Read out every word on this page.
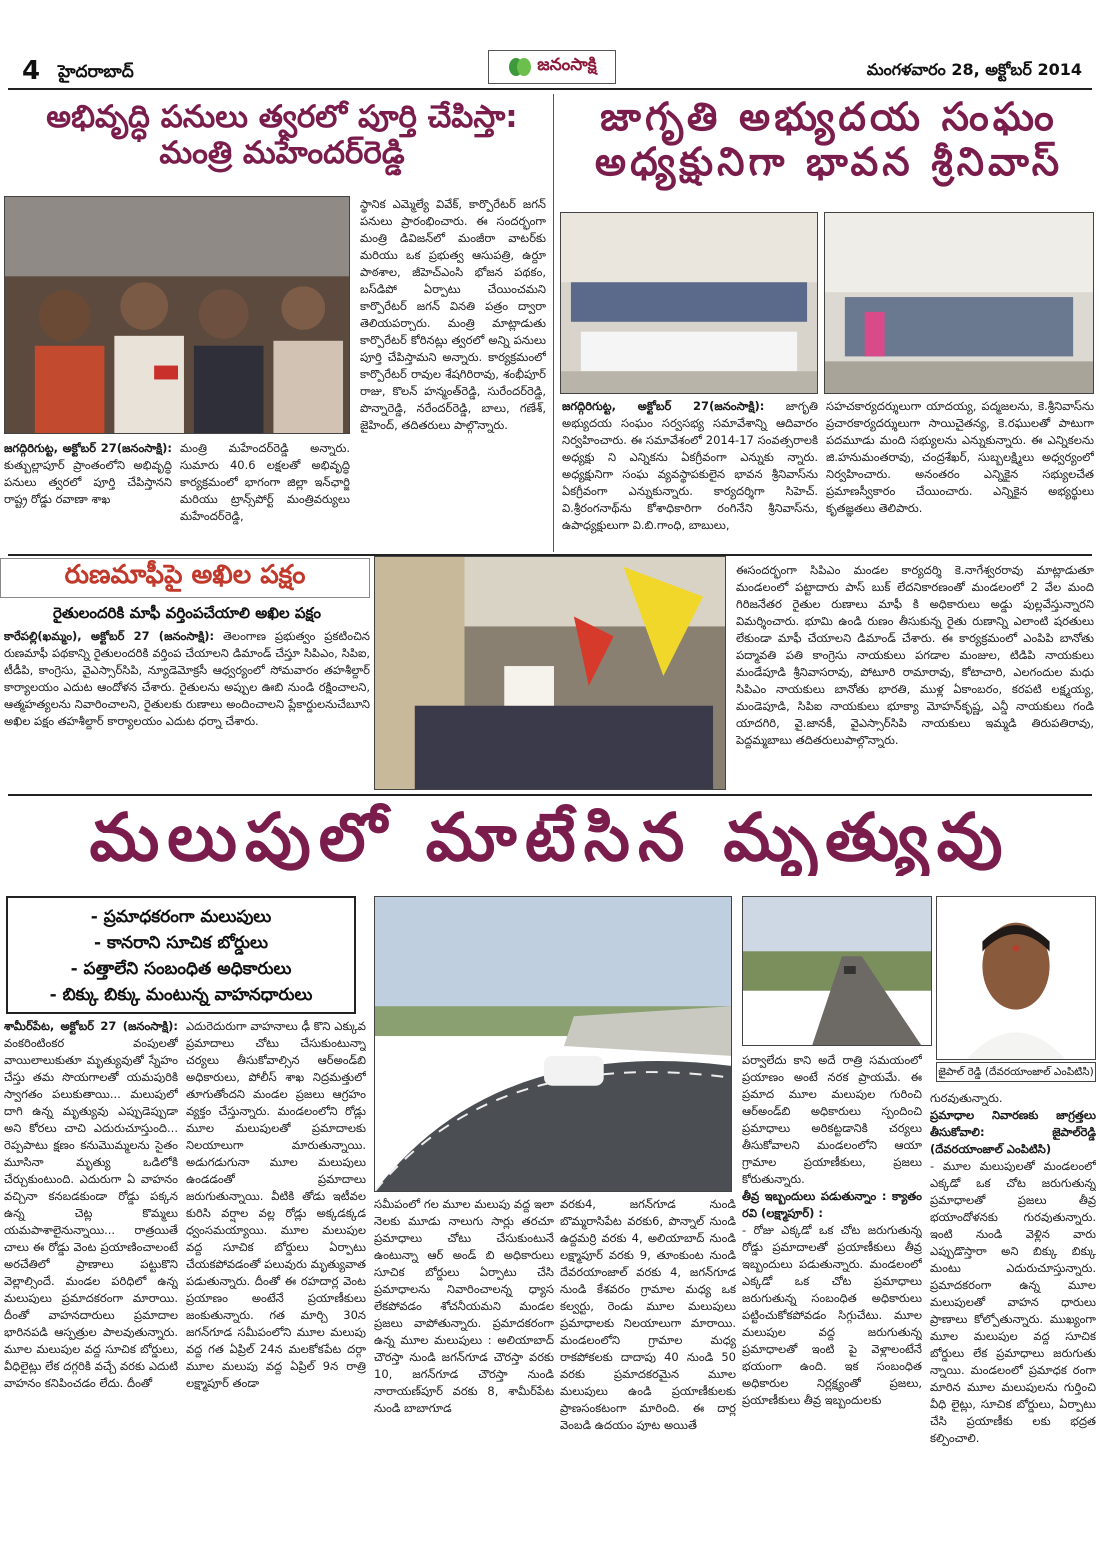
4 హైదరాబాద్	జనంసాక్షి	మంగళవారం 28, అక్టోబర్ 2014
అభివృద్ధి పనులు త్వరలో పూర్తి చేపిస్తా: మంత్రి మహేందర్‌రెడ్డి
జగద్గిరిగుట్ట, అక్టోబర్ 27(జనంసాక్షి): కుత్బుల్లాపూర్ ప్రాంతంలోని అభివృద్ధి పనులు త్వరలో పూర్తి చేపిస్తానని రాష్ట్ర రోడ్డు రవాణా శాఖ
మంత్రి మహేందర్‌రెడ్డి అన్నారు. సుమారు 40.6 లక్షలతో అభివృద్ధి కార్యక్రమంలో భాగంగా జిల్లా ఇన్‌ఛార్జి మరియు ట్రాన్స్‌పోర్ట్ మంత్రివర్యులు మహేందర్‌రెడ్డి,
స్థానిక ఎమ్మెల్యే వివేక్, కార్పొరేటర్ జగన్ పనులు ప్రారంభించారు. ఈ సందర్భంగా మంత్రి డివిజన్‌లో మంజీరా వాటర్‌కు మరియు ఒక ప్రభుత్వ ఆసుపత్రి, ఉర్దూ పాఠశాల, జీహెచ్‌ఎంసి భోజన పథకం, బస్‌డిపో ఏర్పాటు చేయించమని కార్పొరేటర్ జగన్ వినతి పత్రం ద్వారా తెలియపర్చారు. మంత్రి మాట్లాడుతు కార్పొరేటర్ కోరినట్లు త్వరలో అన్ని పనులు పూర్తి చేపిస్తామని అన్నారు. కార్యక్రమంలో కార్పొరేటర్ రావుల శేషగిరిరావు, శంభీపూర్ రాజు, కొలన్ హన్మంత్‌రెడ్డి, సురేందర్‌రెడ్డి, పొన్నారెడ్డి, నరేందర్‌రెడ్డి, బాలు, గణేశ్, జైహింద్, తదితరులు పాల్గొన్నారు.
జాగృతి అభ్యుదయ సంఘం అధ్యక్షునిగా భావన శ్రీనివాస్
జగద్గిరిగుట్ట, అక్టోబర్ 27(జనంసాక్షి): జాగృతి అభ్యుదయ సంఘం సర్వసభ్య సమావేశాన్ని ఆదివారం నిర్వహించారు. ఈ సమావేశంలో 2014-17 సంవత్సరాలకి అధ్యక్షు ని ఎన్నికను ఏకగ్రీవంగా ఎన్నుకు న్నారు. అధ్యక్షునిగా సంఘ వ్యవస్థాపకులైన భావన శ్రీనివాస్‌ను ఏకగ్రీవంగా ఎన్నుకున్నారు. కార్యదర్శిగా సిహెచ్. వి.శ్రీరంగనాథ్‌ను కోశాధికారిగా రంగినేని శ్రీనివాస్‌ను, ఉపాధ్యక్షులుగా వి.బి.గాంధి, బాబులు,
సహచకార్యదర్శులుగా యాదయ్య, పద్మజలను, కె.శ్రీనివాస్‌ను ప్రచారకార్యదర్శులుగా సాయిచైతన్య, కె.రఘులతో పాటుగా పదమూడు మంది సభ్యులను ఎన్నుకున్నారు. ఈ ఎన్నికలను జి.హనుమంతరావు, చంద్రశేఖర్, సుబ్బలక్ష్మిలు అధ్వర్యంలో నిర్వహించారు. అనంతరం ఎన్నికైన సభ్యులచేత ప్రమాణస్వీకారం చేయించారు. ఎన్నికైన అభ్యర్థులు కృతజ్ఞతలు తెలిపారు.
రుణమాఫీపై అఖిల పక్షం
రైతులందరికి మాఫీ వర్తింపచేయాలి అఖిల పక్షం
కారేపల్లి(ఖమ్మం), అక్టోబర్ 27 (జనంసాక్షి): తెలంగాణ ప్రభుత్వం ప్రకటించిన రుణమాఫీ పథకాన్ని రైతులందరికి వర్తింప చేయాలని డిమాండ్ చేస్తూ సిపిఎం, సిపిఐ, టీడీపి, కాంగ్రెసు, వైఎస్సార్‌సిపి, న్యూడెమోక్రసీ ఆధ్వర్యంలో సోమవారం తహశీల్దార్ కార్యాలయం ఎదుట ఆందోళన చేశారు. రైతులను అప్పుల ఊబి నుండి రక్షించాలని, ఆత్మహత్యలను నివారించాలని, రైతులకు రుణాలు అందించాలని ప్లేకార్డులనుచేబూని అఖిల పక్షం తహశీల్దార్ కార్యాలయం ఎదుట ధర్నా చేశారు.
ఈసందర్భంగా సిపిఎం మండల కార్యదర్శి కె.నాగేశ్వరరావు మాట్లాడుతూ మండలంలో పట్టాదారు పాస్ బుక్ లేదనికారణంతో మండలంలో 2 వేల మంది గిరిజనేతర రైతుల రుణాలు మాఫీ కి అధికారులు అడ్డు పుల్లవేస్తున్నారని విమర్శించారు. భూమి ఉండి రుణం తీసుకున్న రైతు రుణాన్ని ఎలాంటి షరతులు లేకుండా మాఫీ చేయాలని డిమాండ్ చేశారు. ఈ కార్యక్రమంలో ఎంపిపి బానోతు పద్మావతి పతి కాంగ్రెసు నాయకులు పగడాల మంజుల, టిడిపి నాయకులు మండేపూడి శ్రీనివాసరావు, పోటూరి రామారావు, కోటాచారి, ఎలగందుల మధు సిపిఎం నాయకులు బానోతు భారతి, ముళ్ల ఏకాంబరం, కరపటి లక్ష్మయ్య, మండెపూడి, సిపిఐ నాయకులు భూక్యా మోహన్‌కృష్ణ, ఎన్డీ నాయకులు గండి యాదగిరి, వై.జానకీ, వైఎస్సార్‌సిపి నాయకులు ఇమ్మడి తిరుపతిరావు, పెద్దమ్మబాబు తదితరులుపాల్గొన్నారు.
మలుపులో మాటేసిన మృత్యువు
- ప్రమాధకరంగా మలుపులు
- కానరాని సూచిక బోర్డులు
- పత్తాలేని సంబంధిత అధికారులు
- బిక్కు బిక్కు మంటున్న వాహనధారులు
జైపాల్ రెడ్డి (దేవరయాంజాల్ ఎంపిటిసి)
శామీర్‌పేట, అక్టోబర్ 27 (జనంసాక్షి): వంకరింటింకర వంపులతో వాయిలాలుకుతూ మృత్యువుతో స్నేహం చేస్తు తమ సొయగాలతో యమపురికి స్వాగతం పలుకుతాయి... మలుపులో దాగి ఉన్న మృత్యువు ఎప్పుడెప్పుడా అని కోరలు చాచి ఎదురుచూస్తుంది... రెప్పపాటు క్షణం కనుమొమ్మలను సైతం మూసినా మృత్యు ఒడిలోకి చేర్చుకుంటుంది. ఎదురుగా ఏ వాహనం వచ్చినా కనబడకుండా రోడ్డు పక్కన ఉన్న చెట్ల కొమ్మలు యమపాశాలైనున్నాయి... రాత్రయితే చాలు ఈ రోడ్డు వెంట ప్రయాణించాలంటే అరచేతిలో ప్రాణాలు పట్టుకొని వెల్లాల్సిందే. మండల పరిధిలో ఉన్న మలుపులు ప్రమాదకరంగా మారాయి. దీంతో వాహనదారులు ప్రమాదాల భారినపడి ఆస్పత్రుల పాలవుతున్నారు. మూల మలుపుల వద్ద సూచిక బోర్డులు, వీధిలైట్లు లేక దగ్గరికి వచ్చే వరకు ఎదుటి వాహనం కనిపించడం లేదు. దీంతో
ఎదురెదురుగా వాహనాలు ఢీ కొని ఎక్కువ ప్రమాదాలు చోటు చేసుకుంటున్నా చర్యలు తీసుకోవాల్సిన ఆర్‌అండ్‌బి అధికారులు, పోలీస్ శాఖ నిద్రమత్తులో తూగుతోందని మండల ప్రజలు ఆగ్రహం వ్యక్తం చేస్తున్నారు. మండలంలోని రోడ్లు మూల మలుపులతో ప్రమాదాలకు నిలయాలుగా మారుతున్నాయి. అడుగడుగునా మూల మలుపులు ఉండడంతో ప్రమాదాలు జరుగుతున్నాయి. వీటికి తోడు ఇటీవల కురిసి వర్షాల వల్ల రోడ్లు అక్కడక్కడ ధ్వంసమయ్యాయి. మూల మలుపుల వద్ద సూచిక బోర్డులు ఏర్పాటు చేయకపోవడంతో పలువురు మృత్యువాత పడుతున్నారు. దీంతో ఈ రహదార్ల వెంట ప్రయాణం అంటేనే ప్రయాణీకులు జంకుతున్నారు. గత మార్చి 30న జగన్‌గూడ సమీపంలోని మూల మలుపు వద్ద గత ఏప్రిల్ 24న మలకోకపేట దర్గా మూల మలుపు వద్ద ఏప్రిల్ 9న రాత్రి లక్ష్మాపూర్ తండా
సమీపంలో గల మూల మలుపు వద్ద ఇలా నెలకు మూడు నాలుగు సార్లు తరచూ ప్రమాధాలు చోటు చేసుకుంటునే ఉంటున్నా ఆర్ అండ్ బి అధికారులు సూచిక బోర్డులు ఏర్పాటు చేసి ప్రమాధాలను నివారించాలన్న ధ్యాస లేకపోవడం శోచనీయమని మండల ప్రజలు వాపోతున్నారు. ప్రమాదకరంగా ఉన్న మూల మలుపులు : అలియాబాద్ చౌరస్తా నుండి జగన్‌గూడ చౌరస్తా వరకు 10, జగన్‌గూడ చౌరస్తా నుండి నారాయణ్‌పూర్ వరకు 8, శామీర్‌పేట నుండి బాబాగూడ
వరకు4, జగన్‌గూడ నుండి బొమ్మరాసిపేట వరకు6, పొన్నాల్ నుండి ఉద్దమర్రి వరకు 4, అలియాబాద్ నుండి లక్ష్మాపూర్ వరకు 9, తూంకుంట నుండి దేవరయాంజాల్ వరకు 4, జగన్‌గూడ నుండి కేశవరం గ్రామాల మధ్య ఒక కల్వర్టు, రెండు మూల మలుపులు ప్రమాధాలకు నిలయాలుగా మారాయి. మండలంలోని గ్రామాల మధ్య రాకపోకలకు దాదాపు 40 నుండి 50 వరకు ప్రమాదకరమైన మూల మలుపులు ఉండి ప్రయాణీకులకు ప్రాణసంకటంగా మారింది. ఈ దార్ల వెంబడి ఉదయం పూట అయితే
పర్వాలేదు కాని అదే రాత్రి సమయంలో ప్రయాణం అంటే నరక ప్రాయమే. ఈ ప్రమాద మూల మలుపుల గురించి ఆర్‌అండ్‌బి అధికారులు స్పందించి ప్రమాధాలు అరికట్టడానికి చర్యలు తీసుకోవాలని మండలంలోని ఆయా గ్రామాల ప్రయాణీకులు, ప్రజలు కోరుతున్నారు.
తీవ్ర ఇబ్బందులు పడుతున్నాం : క్యాతం రవి (లక్ష్మాపూర్) :
- రోజు ఎక్కడో ఒక చోట జరుగుతున్న రోడ్డు ప్రమాదాలతో ప్రయాణీకులు తీవ్ర ఇబ్బందులు పడుతున్నారు. మండలంలో ఎక్కడో ఒక చోట ప్రమాధాలు జరుగుతున్న సంబంధిత అధికారులు పట్టించుకోకపోవడం సిగ్గుచేటు. మూల మలుపుల వద్ద జరుగుతున్న ప్రమాధాలతో ఇంటి పై వెళ్లాలంటేనే భయంగా ఉంది. ఇక సంబంధిత అధికారుల నిర్లక్ష్యంతో ప్రజలు, ప్రయాణీకులు తీవ్ర ఇబ్బందులకు
గురవుతున్నారు.
ప్రమాధాల నివారణకు జాగ్రత్తలు తీసుకోవాలి: జైపాల్‌రెడ్డి (దేవరయాంజాల్ ఎంపిటిసి)
- మూల మలుపులతో మండలంలో ఎక్కడో ఒక చోట జరుగుతున్న ప్రమాధాలతో ప్రజలు తీవ్ర భయాందోళనకు గురవుతున్నారు. ఇంటి నుండి వెళ్లిన వారు ఎప్పుడొస్తారా అని బిక్కు బిక్కు మంటు ఎదురుచూస్తున్నారు. ప్రమాదకరంగా ఉన్న మూల మలుపులతో వాహన ధారులు ప్రాణాలు కోల్పోతున్నారు. ముఖ్యంగా మూల మలుపుల వద్ద సూచిక బోర్డులు లేక ప్రమాధాలు జరుగుతు న్నాయి. మండలంలో ప్రమాధక రంగా మారిన మూల మలుపులను గుర్తించి వీధి లైట్లు, సూచిక బోర్డులు, ఏర్పాటు చేసి ప్రయాణీకు లకు భద్రత కల్పించాలి.
